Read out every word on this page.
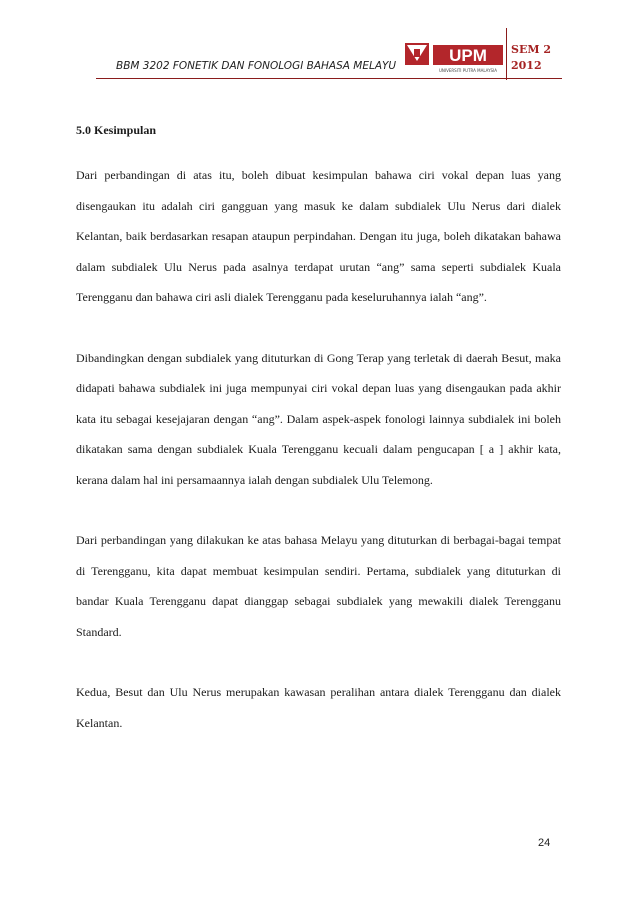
BBM 3202 FONETIK DAN FONOLOGI BAHASA MELAYU
UPM
UNIVERSITI PUTRA MALAYSIA
SEM 2
2012

5.0 Kesimpulan

Dari perbandingan di atas itu, boleh dibuat kesimpulan bahawa ciri vokal depan luas yang disengaukan itu adalah ciri gangguan yang masuk ke dalam subdialek Ulu Nerus dari dialek Kelantan, baik berdasarkan resapan ataupun perpindahan. Dengan itu juga, boleh dikatakan bahawa dalam subdialek Ulu Nerus pada asalnya terdapat urutan “ang” sama seperti subdialek Kuala Terengganu dan bahawa ciri asli dialek Terengganu pada keseluruhannya ialah “ang”.

Dibandingkan dengan subdialek yang dituturkan di Gong Terap yang terletak di daerah Besut, maka didapati bahawa subdialek ini juga mempunyai ciri vokal depan luas yang disengaukan pada akhir kata itu sebagai kesejajaran dengan “ang”. Dalam aspek-aspek fonologi lainnya subdialek ini boleh dikatakan sama dengan subdialek Kuala Terengganu kecuali dalam pengucapan [ a ] akhir kata, kerana dalam hal ini persamaannya ialah dengan subdialek Ulu Telemong.

Dari perbandingan yang dilakukan ke atas bahasa Melayu yang dituturkan di berbagai-bagai tempat di Terengganu, kita dapat membuat kesimpulan sendiri. Pertama, subdialek yang dituturkan di bandar Kuala Terengganu dapat dianggap sebagai subdialek yang mewakili dialek Terengganu Standard.

Kedua, Besut dan Ulu Nerus merupakan kawasan peralihan antara dialek Terengganu dan dialek Kelantan.

24
